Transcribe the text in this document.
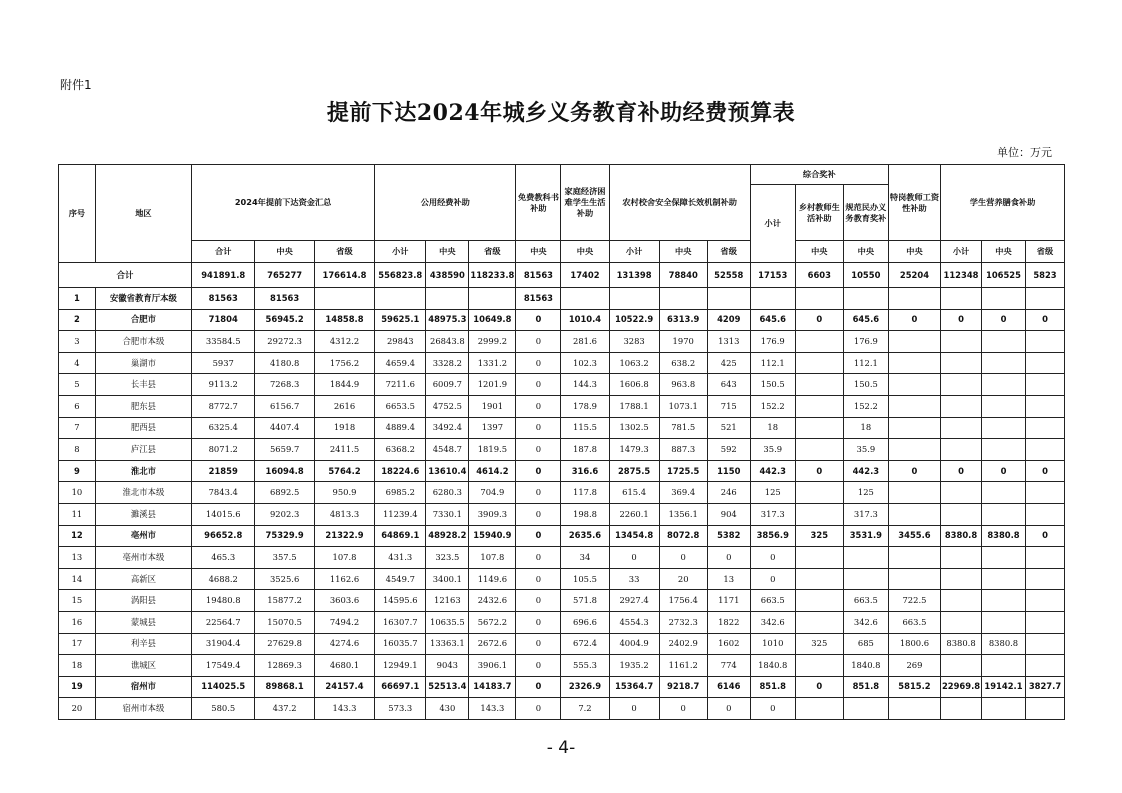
附件1
提前下达2024年城乡义务教育补助经费预算表
单位：万元
序号	地区	2024年提前下达资金汇总			公用经费补助			免费教科书补助	家庭经济困难学生生活补助	农村校舍安全保障长效机制补助			综合奖补			特岗教师工资性补助	学生营养膳食补助		
													小计	乡村教师生活补助	规范民办义务教育奖补				
		合计	中央	省级	小计	中央	省级	中央	中央	小计	中央	省级		中央	中央	中央	小计	中央	省级
合计		941891.8	765277	176614.8	556823.8	438590	118233.8	81563	17402	131398	78840	52558	17153	6603	10550	25204	112348	106525	5823
1	安徽省教育厅本级	81563	81563					81563											
2	合肥市	71804	56945.2	14858.8	59625.1	48975.3	10649.8	0	1010.4	10522.9	6313.9	4209	645.6	0	645.6	0	0	0	0
3	合肥市本级	33584.5	29272.3	4312.2	29843	26843.8	2999.2	0	281.6	3283	1970	1313	176.9		176.9				
4	巢湖市	5937	4180.8	1756.2	4659.4	3328.2	1331.2	0	102.3	1063.2	638.2	425	112.1		112.1				
5	长丰县	9113.2	7268.3	1844.9	7211.6	6009.7	1201.9	0	144.3	1606.8	963.8	643	150.5		150.5				
6	肥东县	8772.7	6156.7	2616	6653.5	4752.5	1901	0	178.9	1788.1	1073.1	715	152.2		152.2				
7	肥西县	6325.4	4407.4	1918	4889.4	3492.4	1397	0	115.5	1302.5	781.5	521	18		18				
8	庐江县	8071.2	5659.7	2411.5	6368.2	4548.7	1819.5	0	187.8	1479.3	887.3	592	35.9		35.9				
9	淮北市	21859	16094.8	5764.2	18224.6	13610.4	4614.2	0	316.6	2875.5	1725.5	1150	442.3	0	442.3	0	0	0	0
10	淮北市本级	7843.4	6892.5	950.9	6985.2	6280.3	704.9	0	117.8	615.4	369.4	246	125		125				
11	濉溪县	14015.6	9202.3	4813.3	11239.4	7330.1	3909.3	0	198.8	2260.1	1356.1	904	317.3		317.3				
12	亳州市	96652.8	75329.9	21322.9	64869.1	48928.2	15940.9	0	2635.6	13454.8	8072.8	5382	3856.9	325	3531.9	3455.6	8380.8	8380.8	0
13	亳州市本级	465.3	357.5	107.8	431.3	323.5	107.8	0	34	0	0	0	0						
14	高新区	4688.2	3525.6	1162.6	4549.7	3400.1	1149.6	0	105.5	33	20	13	0						
15	涡阳县	19480.8	15877.2	3603.6	14595.6	12163	2432.6	0	571.8	2927.4	1756.4	1171	663.5		663.5	722.5			
16	蒙城县	22564.7	15070.5	7494.2	16307.7	10635.5	5672.2	0	696.6	4554.3	2732.3	1822	342.6		342.6	663.5			
17	利辛县	31904.4	27629.8	4274.6	16035.7	13363.1	2672.6	0	672.4	4004.9	2402.9	1602	1010	325	685	1800.6	8380.8	8380.8	
18	谯城区	17549.4	12869.3	4680.1	12949.1	9043	3906.1	0	555.3	1935.2	1161.2	774	1840.8		1840.8	269			
19	宿州市	114025.5	89868.1	24157.4	66697.1	52513.4	14183.7	0	2326.9	15364.7	9218.7	6146	851.8	0	851.8	5815.2	22969.8	19142.1	3827.7
20	宿州市本级	580.5	437.2	143.3	573.3	430	143.3	0	7.2	0	0	0	0						
- 4-
